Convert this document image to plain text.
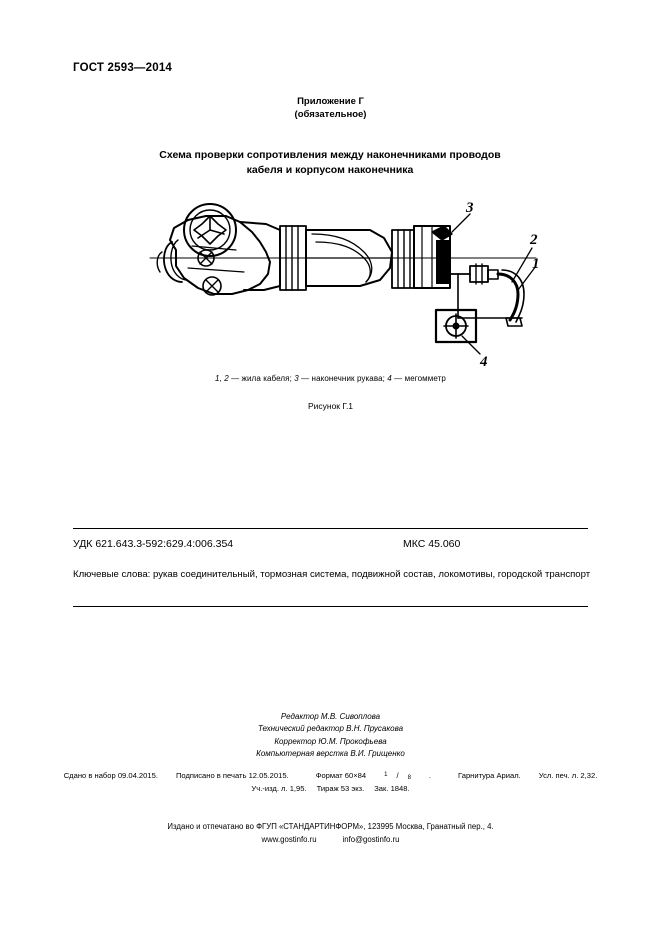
ГОСТ 2593—2014
Приложение Г
(обязательное)
Схема проверки сопротивления между наконечниками проводов
кабеля и корпусом наконечника
3
2
1
4
1, 2 — жила кабеля; 3 — наконечник рукава; 4 — мегомметр
Рисунок Г.1
УДК 621.643.3-592:629.4:006.354	МКС 45.060
Ключевые слова: рукав соединительный, тормозная система, подвижной состав, локомотивы, городской транспорт
Редактор М.В. Сивоплова
Технический редактор В.Н. Прусакова
Корректор Ю.М. Прокофьева
Компьютерная верстка В.И. Грищенко
Сдано в набор 09.04.2015. Подписано в печать 12.05.2015.	Формат 60×84	$^1$ / 8 .	Гарнитура Ариал. Усл. печ. л. 2,32.
Уч.-изд. л. 1,95. Тираж 53 экз. Зак. 1848.
Издано и отпечатано во ФГУП «СТАНДАРТИНФОРМ», 123995 Москва, Гранатный пер., 4.
www.gostinfo.ru	info@gostinfo.ru
